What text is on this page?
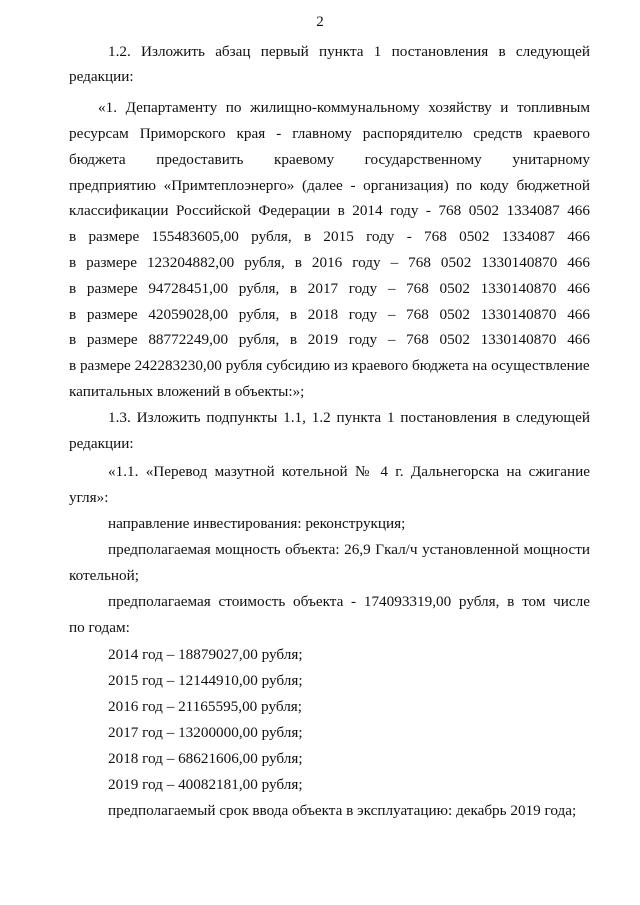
2
1.2. Изложить абзац первый пункта 1 постановления в следующей
редакции:
«1. Департаменту по жилищно-коммунальному хозяйству и топливным
ресурсам Приморского края - главному распорядителю средств краевого
бюджета предоставить краевому государственному унитарному
предприятию «Примтеплоэнерго» (далее - организация) по коду бюджетной
классификации Российской Федерации в 2014 году - 768 0502 1334087 466
в размере 155483605,00 рубля, в 2015 году - 768 0502 1334087 466
в размере 123204882,00 рубля, в 2016 году – 768 0502 1330140870 466
в размере 94728451,00 рубля, в 2017 году – 768 0502 1330140870 466
в размере 42059028,00 рубля, в 2018 году – 768 0502 1330140870 466
в размере 88772249,00 рубля, в 2019 году – 768 0502 1330140870 466
в размере 242283230,00 рубля субсидию из краевого бюджета на осуществление
капитальных вложений в объекты:»;
1.3. Изложить подпункты 1.1, 1.2 пункта 1 постановления в следующей
редакции:
«1.1. «Перевод мазутной котельной № 4 г. Дальнегорска на сжигание
угля»:
направление инвестирования: реконструкция;
предполагаемая мощность объекта: 26,9 Гкал/ч установленной мощности
котельной;
предполагаемая стоимость объекта - 174093319,00 рубля, в том числе
по годам:
2014 год – 18879027,00 рубля;
2015 год – 12144910,00 рубля;
2016 год – 21165595,00 рубля;
2017 год – 13200000,00 рубля;
2018 год – 68621606,00 рубля;
2019 год – 40082181,00 рубля;
предполагаемый срок ввода объекта в эксплуатацию: декабрь 2019 года;
